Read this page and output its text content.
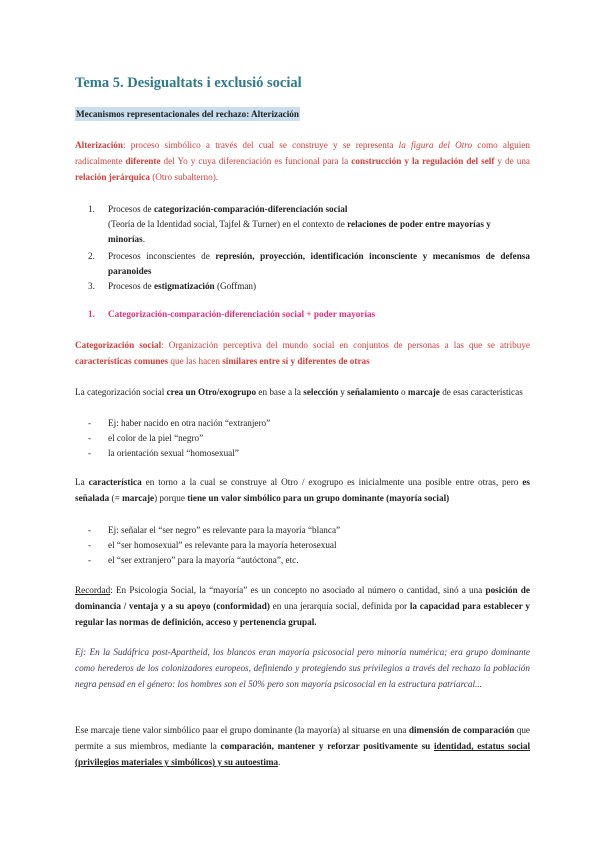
Tema 5. Desigualtats i exclusió social
Mecanismos representacionales del rechazo: Alterización
Alterización: proceso simbólico a través del cual se construye y se representa la figura del Otro como alguien radicalmente diferente del Yo y cuya diferenciación es funcional para la construcción y la regulación del self y de una relación jerárquica (Otro subalterno).
1. Procesos de categorización-comparación-diferenciación social
(Teoría de la Identidad social, Tajfel & Turner) en el contexto de relaciones de poder entre mayorías y minorías.
2. Procesos inconscientes de represión, proyección, identificación inconsciente y mecanismos de defensa paranoides
3. Procesos de estigmatización (Goffman)
1. Categorización-comparación-diferenciación social + poder mayorías
Categorización social: Organización perceptiva del mundo social en conjuntos de personas a las que se atribuye características comunes que las hacen similares entre sí y diferentes de otras
La categorización social crea un Otro/exogrupo en base a la selección y señalamiento o marcaje de esas características
- Ej: haber nacido en otra nación “extranjero”
- el color de la piel “negro”
- la orientación sexual “homosexual”
La característica en torno a la cual se construye al Otro / exogrupo es inicialmente una posible entre otras, pero es señalada (= marcaje) porque tiene un valor simbólico para un grupo dominante (mayoría social)
- Ej: señalar el “ser negro” es relevante para la mayoría “blanca”
- el “ser homosexual” es relevante para la mayoría heterosexual
- el “ser extranjero” para la mayoría “autóctona”, etc.
Recordad: En Psicología Social, la “mayoría” es un concepto no asociado al número o cantidad, sinó a una posición de dominancia / ventaja y a su apoyo (conformidad) en una jerarquía social, definida por la capacidad para establecer y regular las normas de definición, acceso y pertenencia grupal.
Ej: En la Sudáfrica post-Apartheid, los blancos eran mayoría psicosocial pero minoría numérica; era grupo dominante como herederos de los colonizadores europeos, definiendo y protegiendo sus privilegios a través del rechazo la población negra pensad en el género: los hombres son el 50% pero son mayoría psicosocial en la estructura patriarcal...
Ese marcaje tiene valor simbólico paar el grupo dominante (la mayoría) al situarse en una dimensión de comparación que permite a sus miembros, mediante la comparación, mantener y reforzar positivamente su identidad, estatus social (privilegios materiales y simbólicos) y su autoestima.
